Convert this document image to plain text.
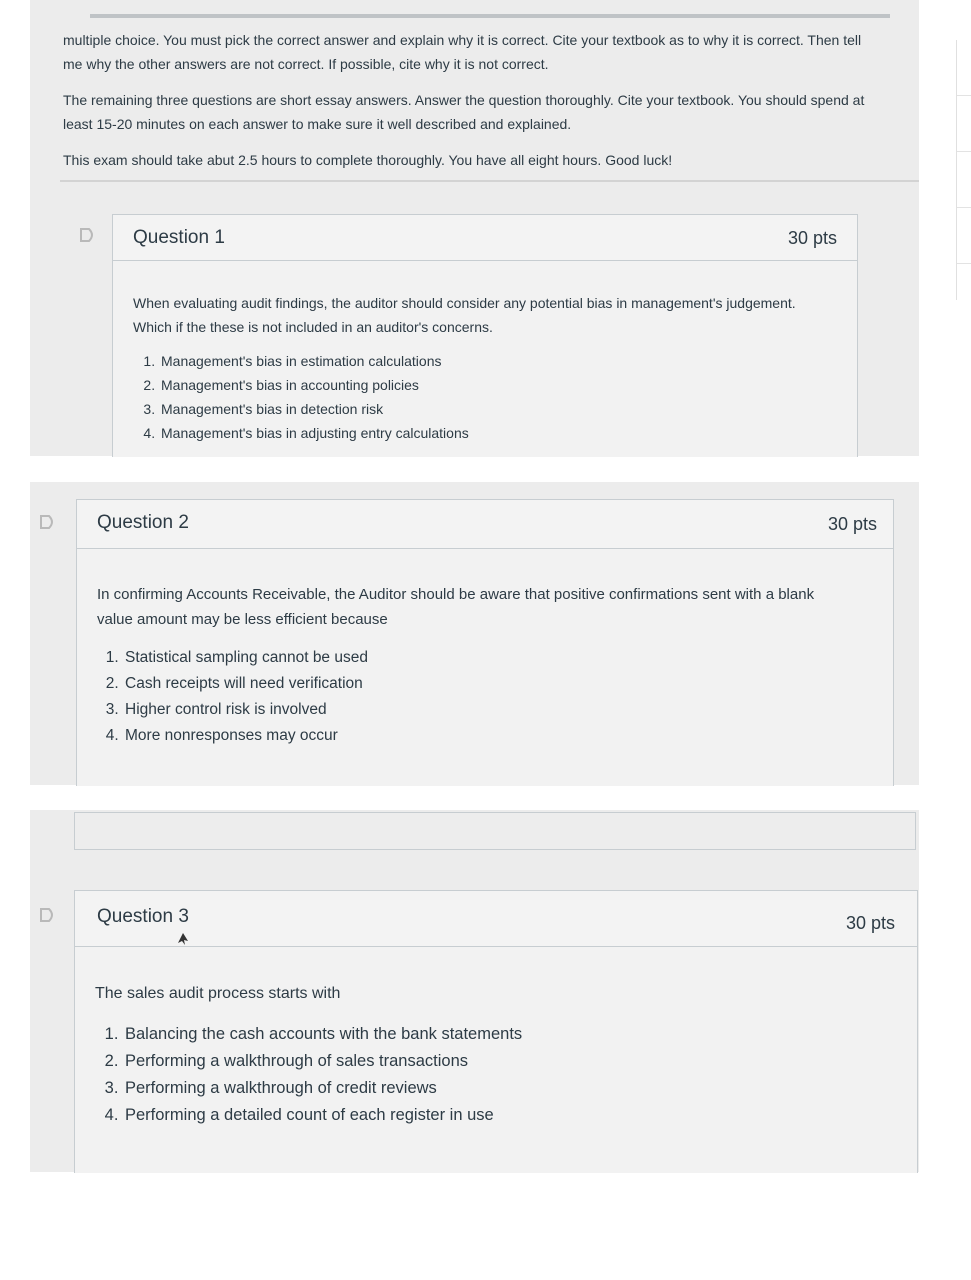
multiple choice. You must pick the correct answer and explain why it is correct. Cite your textbook as to why it is correct. Then tell me why the other answers are not correct. If possible, cite why it is not correct.
The remaining three questions are short essay answers. Answer the question thoroughly. Cite your textbook. You should spend at least 15-20 minutes on each answer to make sure it well described and explained.
This exam should take abut 2.5 hours to complete thoroughly. You have all eight hours. Good luck!
Question 1	30 pts
When evaluating audit findings, the auditor should consider any potential bias in management's judgement. Which if the these is not included in an auditor's concerns.
1. Management's bias in estimation calculations
2. Management's bias in accounting policies
3. Management's bias in detection risk
4. Management's bias in adjusting entry calculations
Question 2	30 pts
In confirming Accounts Receivable, the Auditor should be aware that positive confirmations sent with a blank value amount may be less efficient because
1. Statistical sampling cannot be used
2. Cash receipts will need verification
3. Higher control risk is involved
4. More nonresponses may occur
Question 3	30 pts
The sales audit process starts with
1. Balancing the cash accounts with the bank statements
2. Performing a walkthrough of sales transactions
3. Performing a walkthrough of credit reviews
4. Performing a detailed count of each register in use
